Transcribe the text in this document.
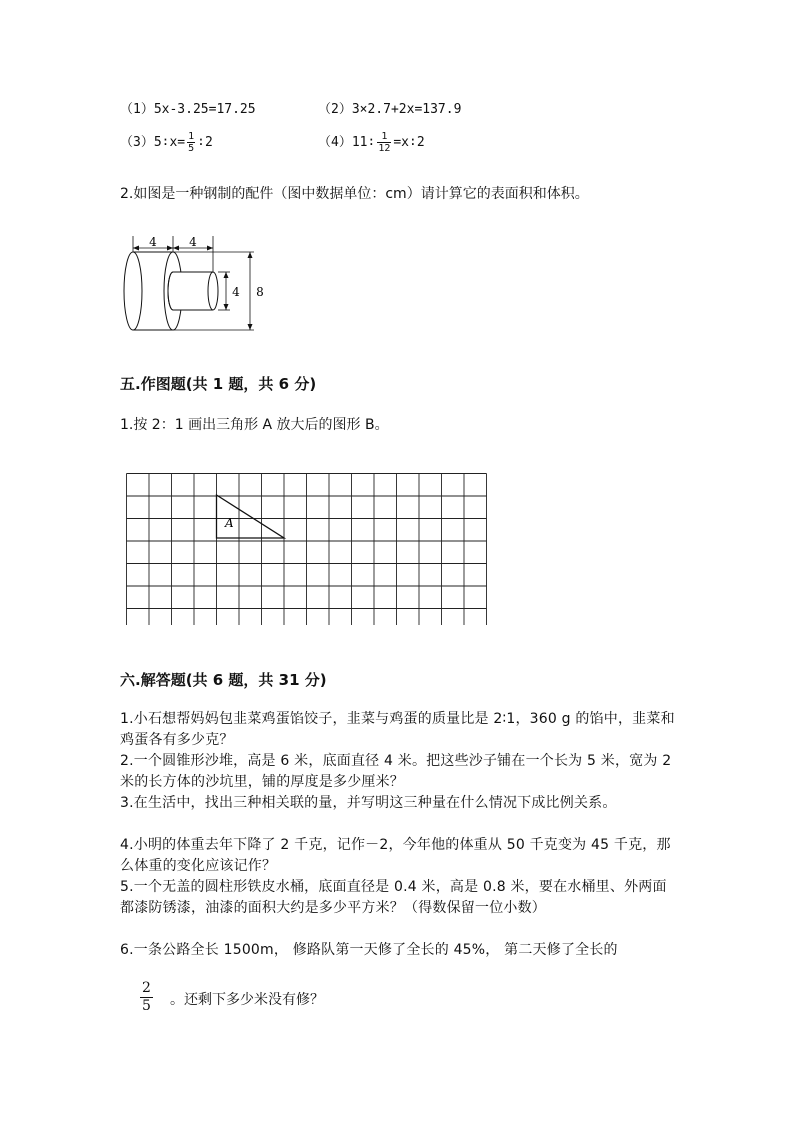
（1）5x-3.25=17.25	（2）3×2.7+2x=137.9
（3）5∶x= $\frac{1}{5}$ ∶2	（4）11∶ $\frac{1}{12}$ =x∶2
2.如图是一种钢制的配件（图中数据单位：cm）请计算它的表面积和体积。
4	4
4 8
五.作图题(共 1 题，共 6 分)
1.按 2：1 画出三角形 A 放大后的图形 B。
A
六.解答题(共 6 题，共 31 分)
1.小石想帮妈妈包韭菜鸡蛋馅饺子，韭菜与鸡蛋的质量比是 2∶1，360 g 的馅中，韭菜和鸡蛋各有多少克？
2.一个圆锥形沙堆，高是 6 米，底面直径 4 米。把这些沙子铺在一个长为 5 米，宽为 2 米的长方体的沙坑里，铺的厚度是多少厘米？
3.在生活中，找出三种相关联的量，并写明这三种量在什么情况下成比例关系。
4.小明的体重去年下降了 2 千克，记作－2，今年他的体重从 50 千克变为 45 千克，那么体重的变化应该记作？
5.一个无盖的圆柱形铁皮水桶，底面直径是 0.4 米，高是 0.8 米，要在水桶里、外两面都漆防锈漆，油漆的面积大约是多少平方米？（得数保留一位小数）
6.一条公路全长 1500m， 修路队第一天修了全长的 45%， 第二天修了全长的
$\frac{2}{5}$ 。还剩下多少米没有修？
